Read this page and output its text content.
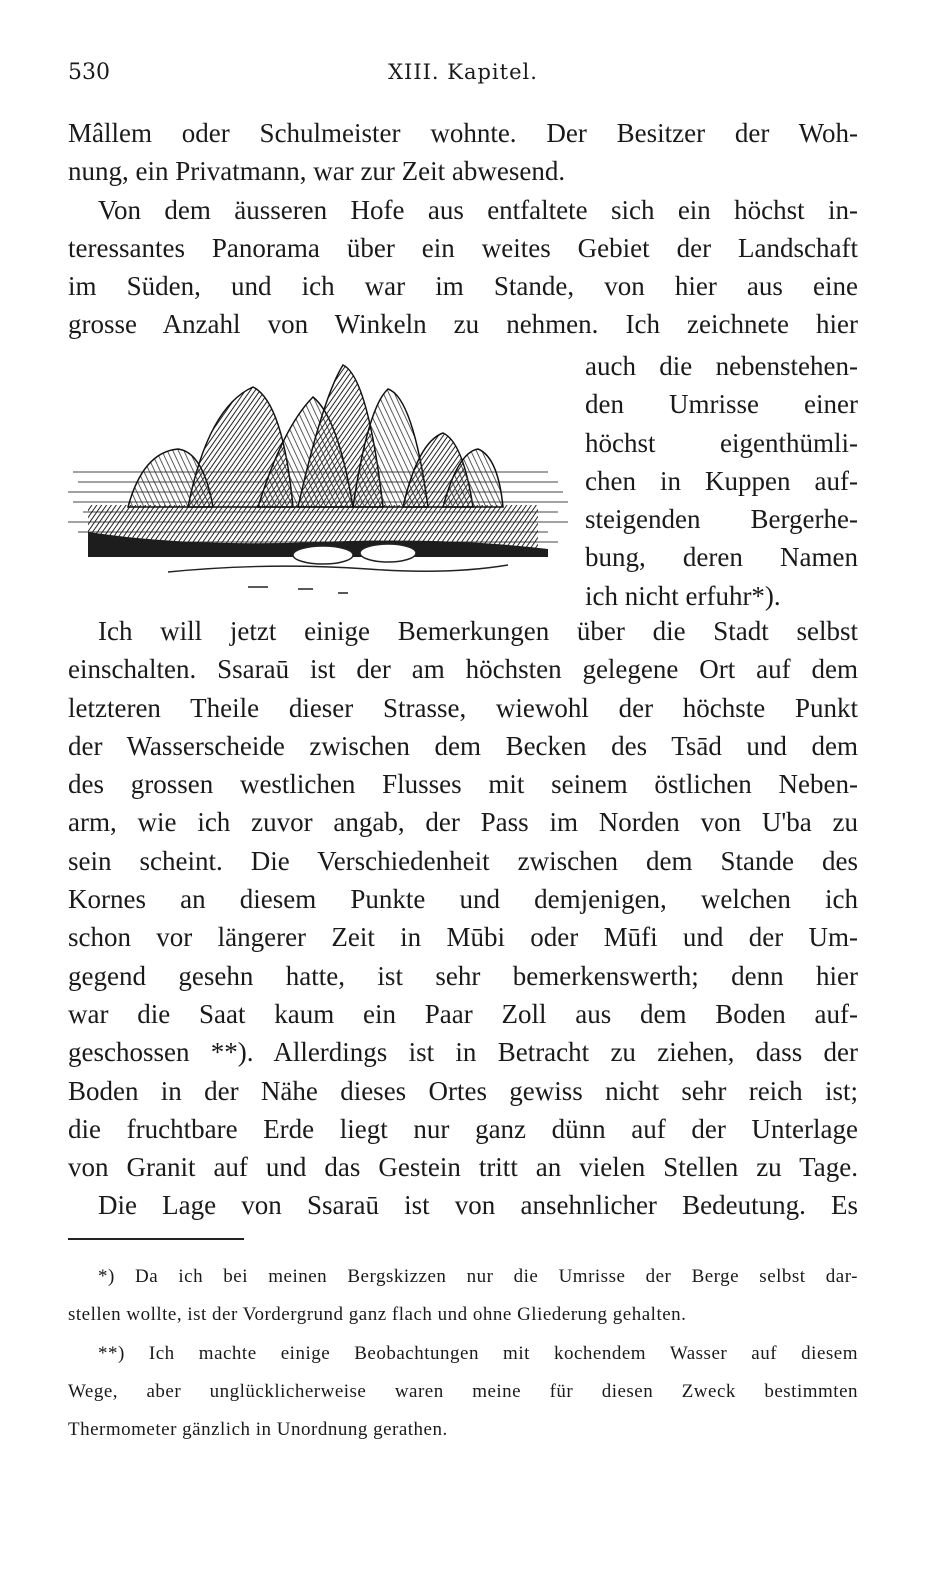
530	XIII. Kapitel.
Mâllem oder Schulmeister wohnte. Der Besitzer der Woh-
nung, ein Privatmann, war zur Zeit abwesend.
Von dem äusseren Hofe aus entfaltete sich ein höchst in-
teressantes Panorama über ein weites Gebiet der Landschaft
im Süden, und ich war im Stande, von hier aus eine
grosse Anzahl von Winkeln zu nehmen. Ich zeichnete hier
auch die nebenstehen-
den Umrisse einer
höchst eigenthümli-
chen in Kuppen auf-
steigenden Bergerhe-
bung, deren Namen
ich nicht erfuhr*).
Ich will jetzt einige Bemerkungen über die Stadt selbst
einschalten. Ssaraū ist der am höchsten gelegene Ort auf dem
letzteren Theile dieser Strasse, wiewohl der höchste Punkt
der Wasserscheide zwischen dem Becken des Tsād und dem
des grossen westlichen Flusses mit seinem östlichen Neben-
arm, wie ich zuvor angab, der Pass im Norden von U'ba zu
sein scheint. Die Verschiedenheit zwischen dem Stande des
Kornes an diesem Punkte und demjenigen, welchen ich
schon vor längerer Zeit in Mūbi oder Mūfi und der Um-
gegend gesehn hatte, ist sehr bemerkenswerth; denn hier
war die Saat kaum ein Paar Zoll aus dem Boden auf-
geschossen **). Allerdings ist in Betracht zu ziehen, dass der
Boden in der Nähe dieses Ortes gewiss nicht sehr reich ist;
die fruchtbare Erde liegt nur ganz dünn auf der Unterlage
von Granit auf und das Gestein tritt an vielen Stellen zu Tage.
Die Lage von Ssaraū ist von ansehnlicher Bedeutung. Es
*) Da ich bei meinen Bergskizzen nur die Umrisse der Berge selbst dar-
stellen wollte, ist der Vordergrund ganz flach und ohne Gliederung gehalten.
**) Ich machte einige Beobachtungen mit kochendem Wasser auf diesem
Wege, aber unglücklicherweise waren meine für diesen Zweck bestimmten
Thermometer gänzlich in Unordnung gerathen.
